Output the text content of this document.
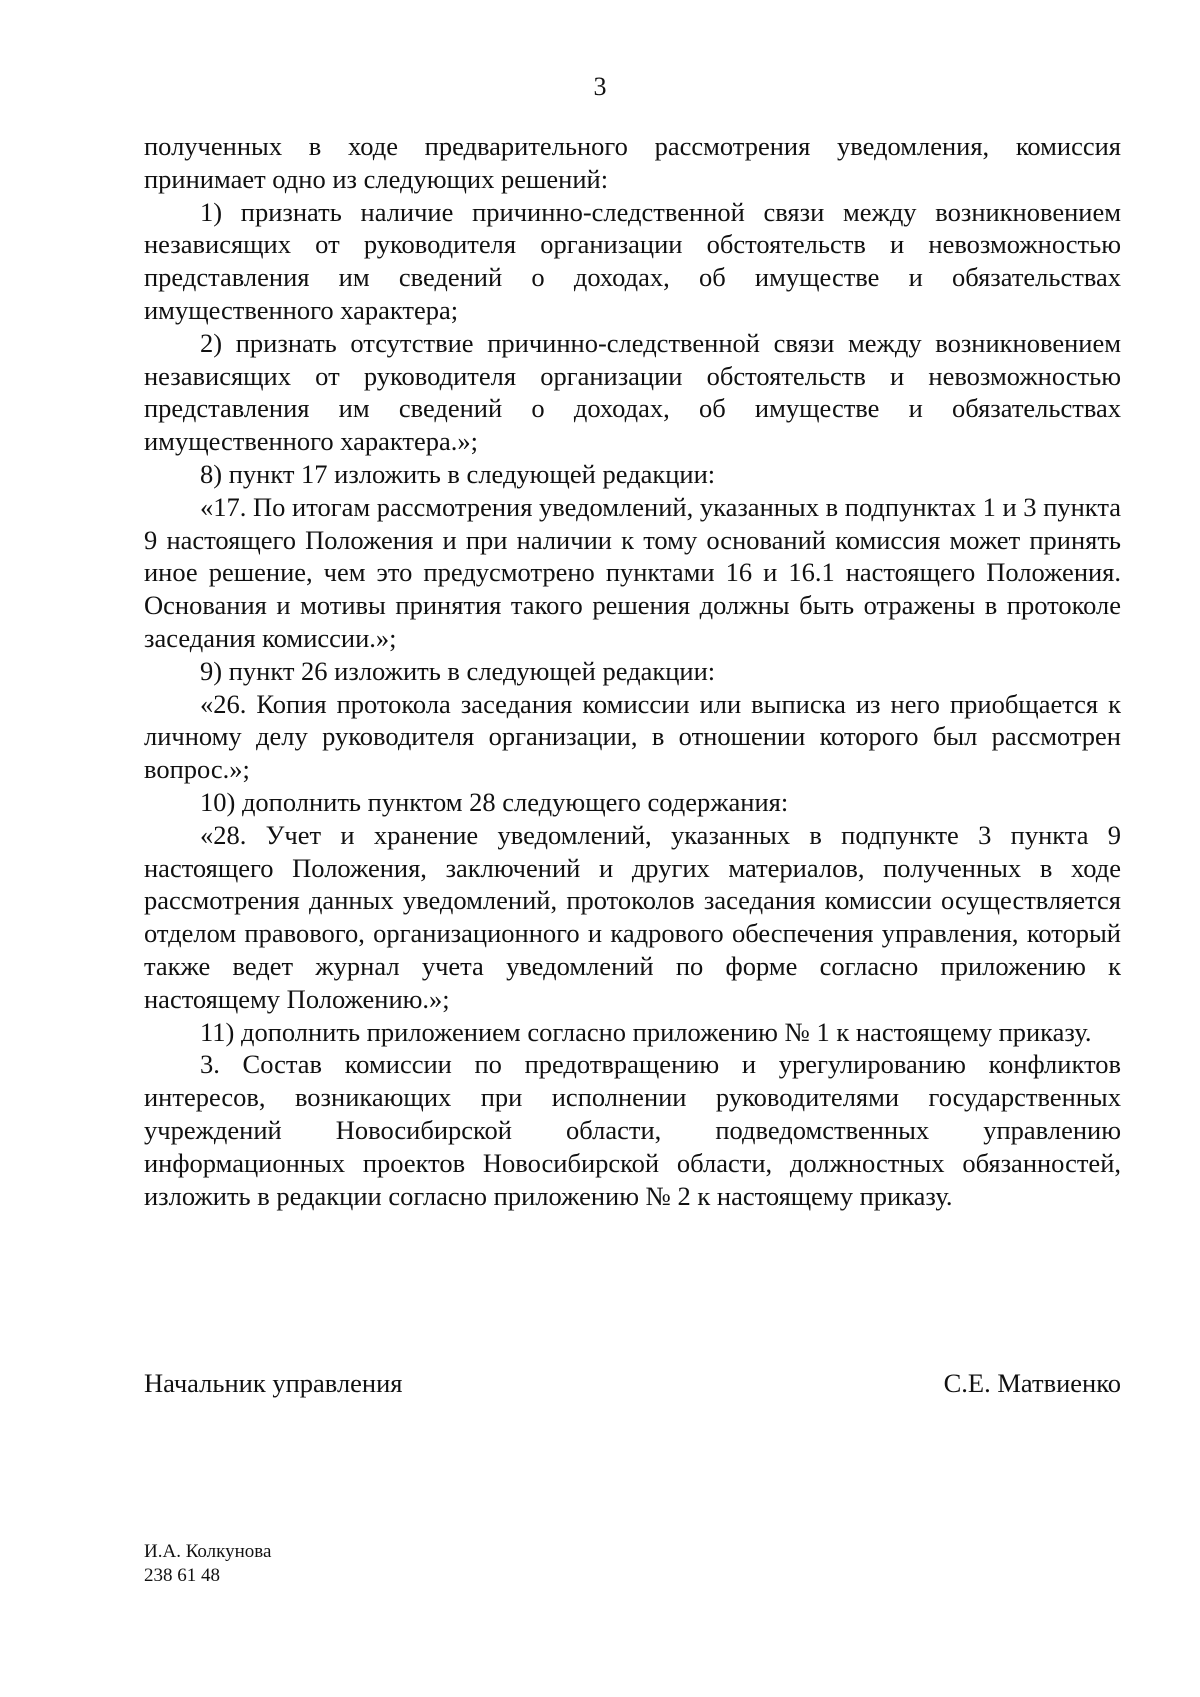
3

полученных в ходе предварительного рассмотрения уведомления, комиссия принимает одно из следующих решений:

1) признать наличие причинно-следственной связи между возникновением независящих от руководителя организации обстоятельств и невозможностью представления им сведений о доходах, об имуществе и обязательствах имущественного характера;

2) признать отсутствие причинно-следственной связи между возникновением независящих от руководителя организации обстоятельств и невозможностью представления им сведений о доходах, об имуществе и обязательствах имущественного характера.»;

8) пункт 17 изложить в следующей редакции:

«17. По итогам рассмотрения уведомлений, указанных в подпунктах 1 и 3 пункта 9 настоящего Положения и при наличии к тому оснований комиссия может принять иное решение, чем это предусмотрено пунктами 16 и 16.1 настоящего Положения. Основания и мотивы принятия такого решения должны быть отражены в протоколе заседания комиссии.»;

9) пункт 26 изложить в следующей редакции:

«26. Копия протокола заседания комиссии или выписка из него приобщается к личному делу руководителя организации, в отношении которого был рассмотрен вопрос.»;

10) дополнить пунктом 28 следующего содержания:

«28. Учет и хранение уведомлений, указанных в подпункте 3 пункта 9 настоящего Положения, заключений и других материалов, полученных в ходе рассмотрения данных уведомлений, протоколов заседания комиссии осуществляется отделом правового, организационного и кадрового обеспечения управления, который также ведет журнал учета уведомлений по форме согласно приложению к настоящему Положению.»;

11) дополнить приложением согласно приложению № 1 к настоящему приказу.

3. Состав комиссии по предотвращению и урегулированию конфликтов интересов, возникающих при исполнении руководителями государственных учреждений Новосибирской области, подведомственных управлению информационных проектов Новосибирской области, должностных обязанностей, изложить в редакции согласно приложению № 2 к настоящему приказу.

Начальник управления	С.Е. Матвиенко
И.А. Колкунова
238 61 48
